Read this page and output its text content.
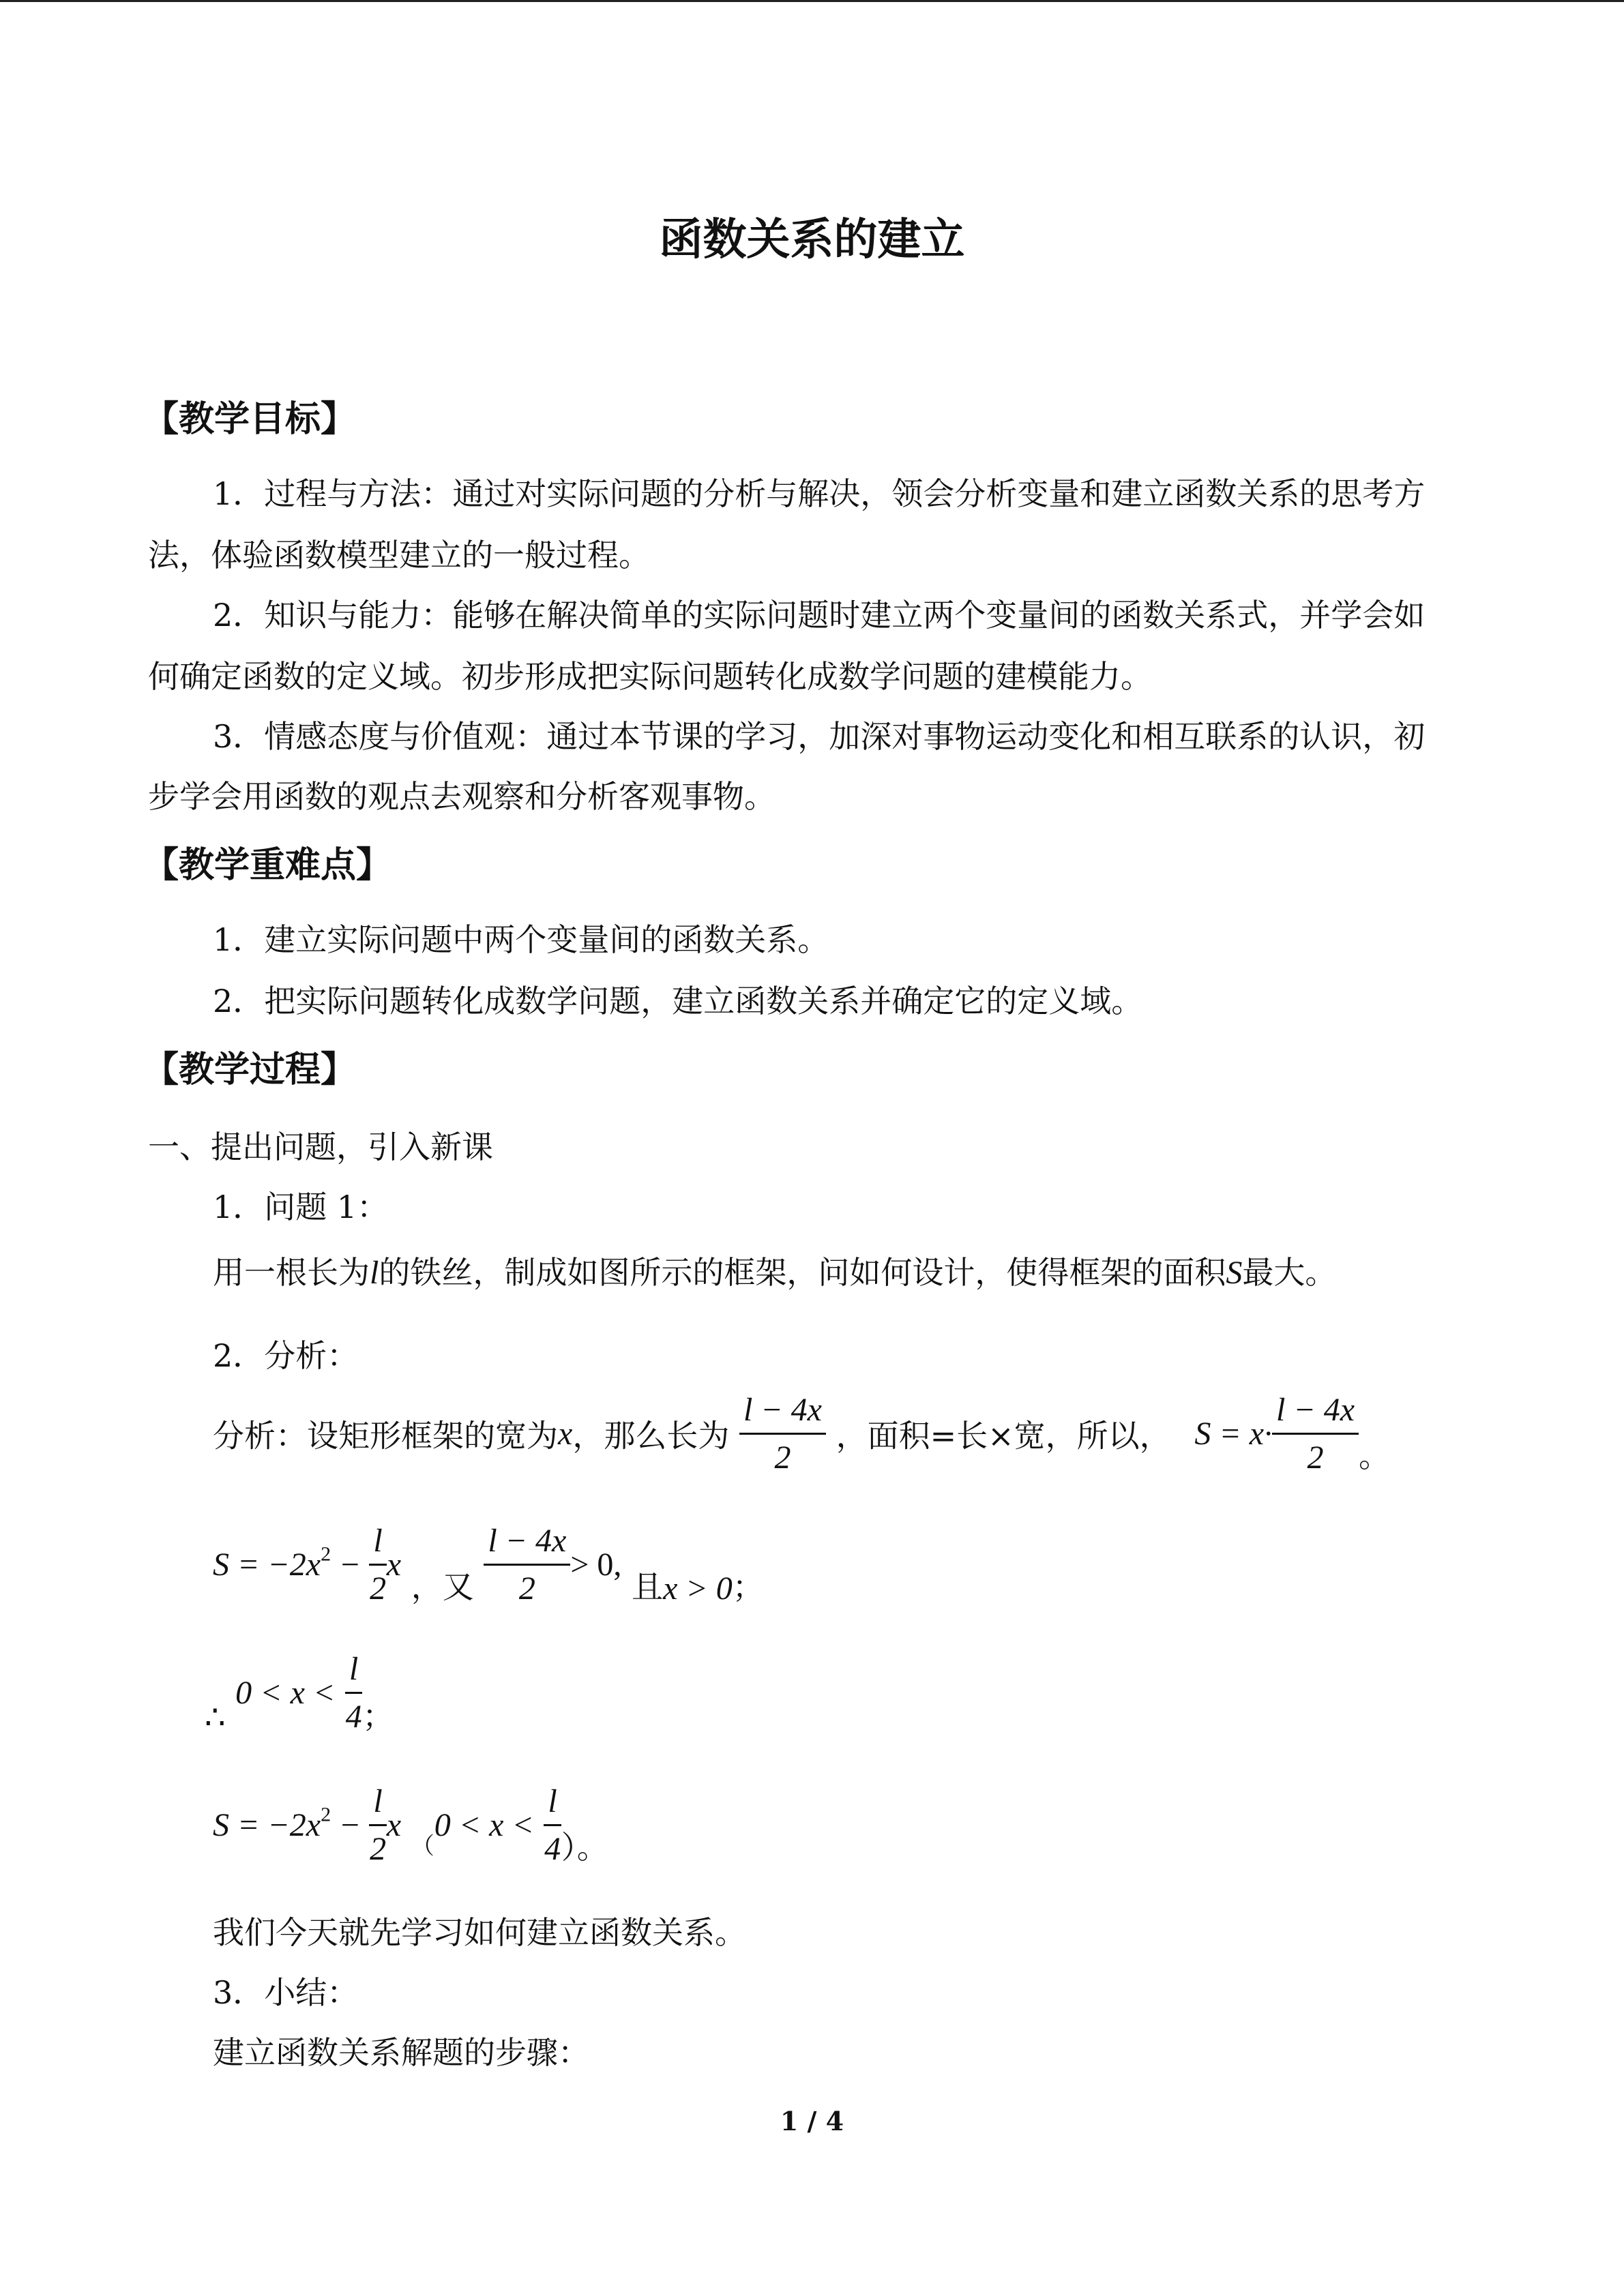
函数关系的建立
【教学目标】
1．过程与方法：通过对实际问题的分析与解决，领会分析变量和建立函数关系的思考方
法，体验函数模型建立的一般过程。
2．知识与能力：能够在解决简单的实际问题时建立两个变量间的函数关系式，并学会如
何确定函数的定义域。初步形成把实际问题转化成数学问题的建模能力。
3．情感态度与价值观：通过本节课的学习，加深对事物运动变化和相互联系的认识，初
步学会用函数的观点去观察和分析客观事物。
【教学重难点】
1．建立实际问题中两个变量间的函数关系。
2．把实际问题转化成数学问题，建立函数关系并确定它的定义域。
【教学过程】
一、提出问题，引入新课
1．问题 1：
用一根长为l的铁丝，制成如图所示的框架，问如何设计，使得框架的面积S最大。
2．分析：
分析：设矩形框架的宽为x，那么长为 $\frac{l - 4x}{2}$ ，面积=长×宽，所以， $S = x\cdot \frac{l - 4x}{2}$ 。
$S = -2x^2 - \frac{l}{2}$ x ，又 $\frac{l - 4x}{2} > 0$, 且x > 0；
∴ $0 < x < \frac{l}{4}$ ；
$S = -2x^2 - \frac{l}{2}$ x $_(0 < x < \frac{l}{4}$ ）。
我们今天就先学习如何建立函数关系。
3．小结：
建立函数关系解题的步骤：
1 / 4
